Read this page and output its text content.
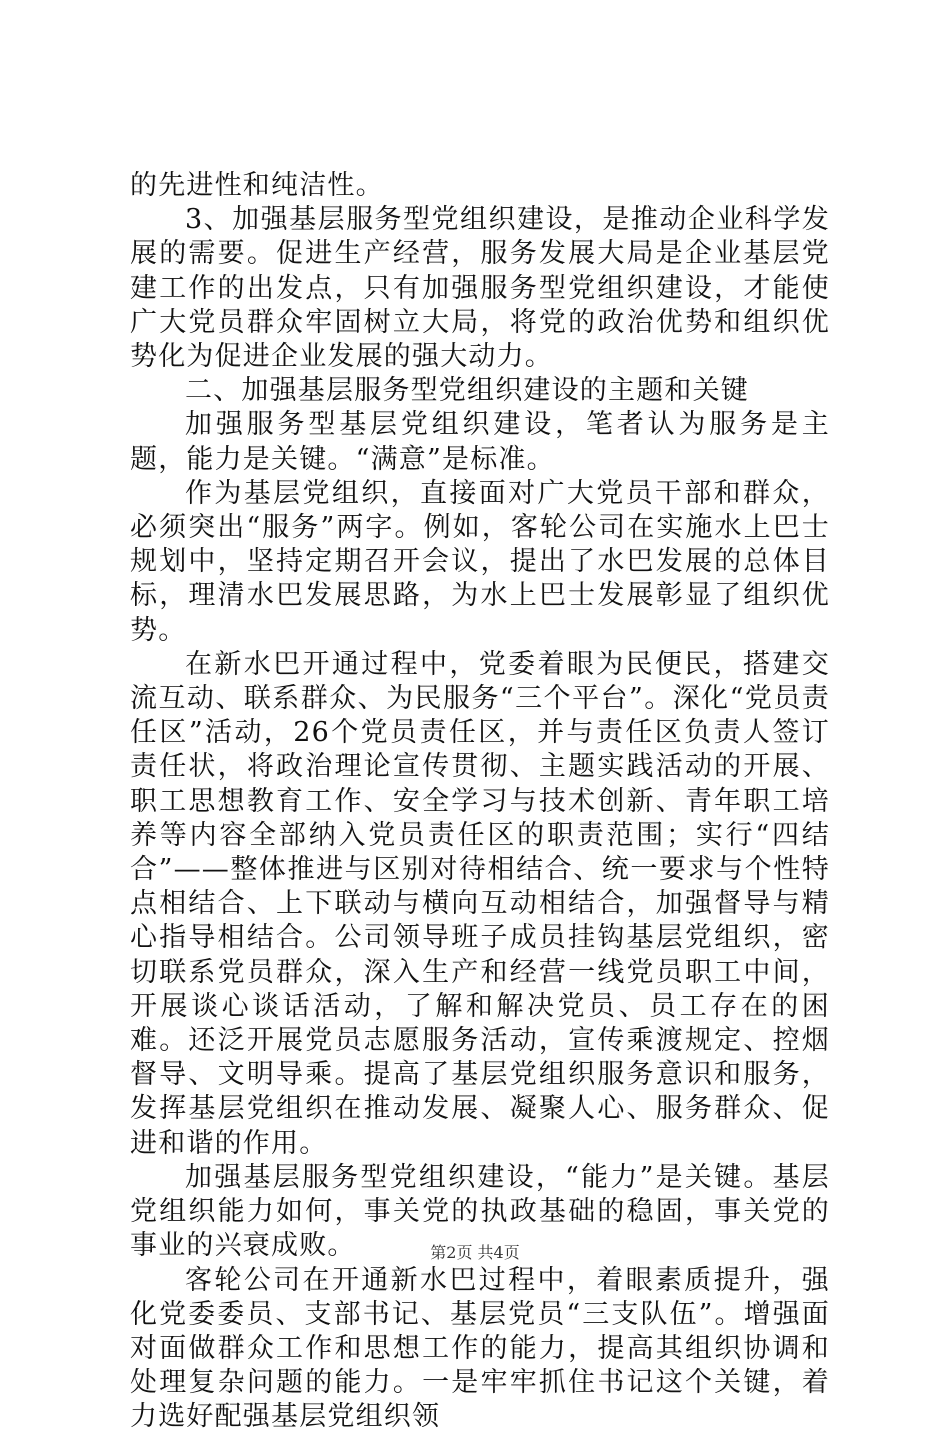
的先进性和纯洁性。

3、加强基层服务型党组织建设，是推动企业科学发展的需要。促进生产经营，服务发展大局是企业基层党建工作的出发点，只有加强服务型党组织建设，才能使广大党员群众牢固树立大局，将党的政治优势和组织优势化为促进企业发展的强大动力。

二、加强基层服务型党组织建设的主题和关键

加强服务型基层党组织建设，笔者认为服务是主题，能力是关键。“满意”是标准。

作为基层党组织，直接面对广大党员干部和群众，必须突出“服务”两字。例如，客轮公司在实施水上巴士规划中，坚持定期召开会议，提出了水巴发展的总体目标，理清水巴发展思路，为水上巴士发展彰显了组织优势。

在新水巴开通过程中，党委着眼为民便民，搭建交流互动、联系群众、为民服务“三个平台”。深化“党员责任区”活动，26个党员责任区，并与责任区负责人签订责任状，将政治理论宣传贯彻、主题实践活动的开展、职工思想教育工作、安全学习与技术创新、青年职工培养等内容全部纳入党员责任区的职责范围；实行“四结合”——整体推进与区别对待相结合、统一要求与个性特点相结合、上下联动与横向互动相结合，加强督导与精心指导相结合。公司领导班子成员挂钩基层党组织，密切联系党员群众，深入生产和经营一线党员职工中间，开展谈心谈话活动，了解和解决党员、员工存在的困难。还泛开展党员志愿服务活动，宣传乘渡规定、控烟督导、文明导乘。提高了基层党组织服务意识和服务，发挥基层党组织在推动发展、凝聚人心、服务群众、促进和谐的作用。

加强基层服务型党组织建设，“能力”是关键。基层党组织能力如何，事关党的执政基础的稳固，事关党的事业的兴衰成败。

客轮公司在开通新水巴过程中，着眼素质提升，强化党委委员、支部书记、基层党员“三支队伍”。增强面对面做群众工作和思想工作的能力，提高其组织协调和处理复杂问题的能力。一是牢牢抓住书记这个关键，着力选好配强基层党组织领

第2页 共4页
